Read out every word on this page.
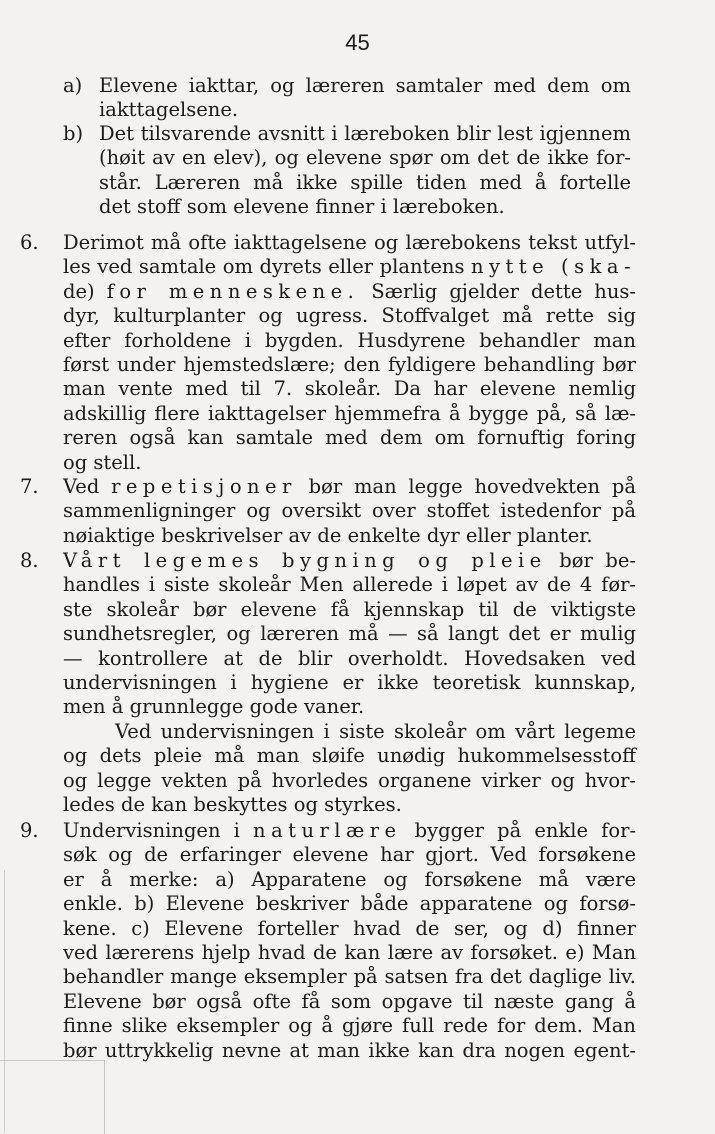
45
a) Elevene iakttar, og læreren samtaler med dem om
iakttagelsene.
b) Det tilsvarende avsnitt i læreboken blir lest igjennem
(høit av en elev), og elevene spør om det de ikke for-
står. Læreren må ikke spille tiden med å fortelle
det stoff som elevene finner i læreboken.
6.	Derimot må ofte iakttagelsene og lærebokens tekst utfyl-
les ved samtale om dyrets eller plantens nytte (ska-
de) for menneskene. Særlig gjelder dette hus-
dyr, kulturplanter og ugress. Stoffvalget må rette sig
efter forholdene i bygden. Husdyrene behandler man
først under hjemstedslære; den fyldigere behandling bør
man vente med til 7. skoleår. Da har elevene nemlig
adskillig flere iakttagelser hjemmefra å bygge på, så læ-
reren også kan samtale med dem om fornuftig foring
og stell.
7.	Ved repetisjoner bør man legge hovedvekten på
sammenligninger og oversikt over stoffet istedenfor på
nøiaktige beskrivelser av de enkelte dyr eller planter.
8.	Vårt legemes bygning og pleie bør be-
handles i siste skoleår Men allerede i løpet av de 4 før-
ste skoleår bør elevene få kjennskap til de viktigste
sundhetsregler, og læreren må — så langt det er mulig
— kontrollere at de blir overholdt. Hovedsaken ved
undervisningen i hygiene er ikke teoretisk kunnskap,
men å grunnlegge gode vaner.
Ved undervisningen i siste skoleår om vårt legeme
og dets pleie må man sløife unødig hukommelsesstoff
og legge vekten på hvorledes organene virker og hvor-
ledes de kan beskyttes og styrkes.
9.	Undervisningen i naturlære bygger på enkle for-
søk og de erfaringer elevene har gjort. Ved forsøkene
er å merke: a) Apparatene og forsøkene må være
enkle. b) Elevene beskriver både apparatene og forsø-
kene. c) Elevene forteller hvad de ser, og d) finner
ved lærerens hjelp hvad de kan lære av forsøket. e) Man
behandler mange eksempler på satsen fra det daglige liv.
Elevene bør også ofte få som opgave til næste gang å
finne slike eksempler og å gjøre full rede for dem. Man
bør uttrykkelig nevne at man ikke kan dra nogen egent-
